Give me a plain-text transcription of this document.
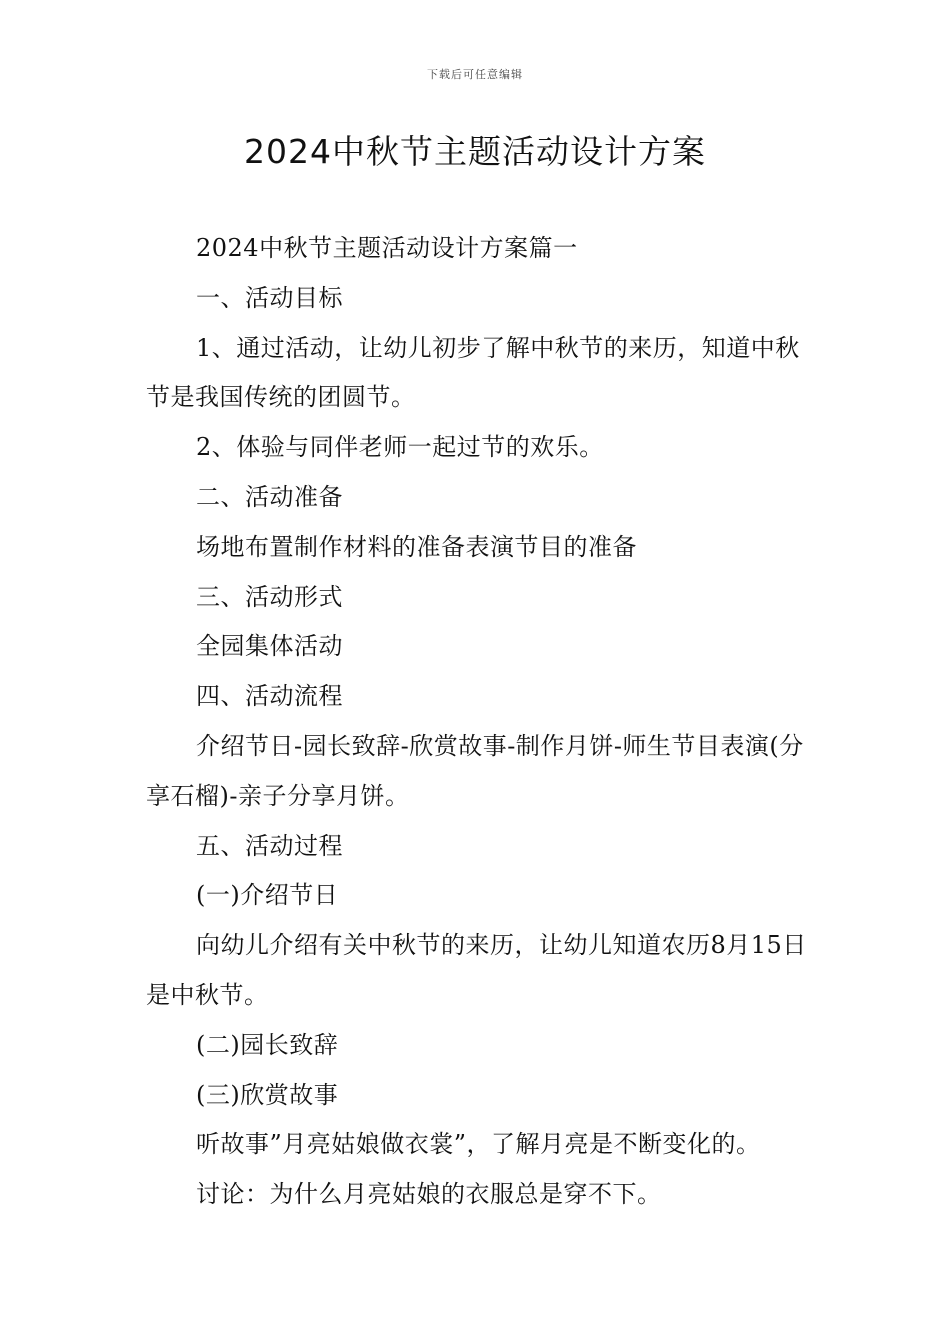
下载后可任意编辑
2024中秋节主题活动设计方案

2024中秋节主题活动设计方案篇一

一、活动目标

1、通过活动，让幼儿初步了解中秋节的来历，知道中秋节是我国传统的团圆节。

2、体验与同伴老师一起过节的欢乐。

二、活动准备

场地布置制作材料的准备表演节目的准备

三、活动形式

全园集体活动

四、活动流程

介绍节日-园长致辞-欣赏故事-制作月饼-师生节目表演(分享石榴)-亲子分享月饼。

五、活动过程

(一)介绍节日

向幼儿介绍有关中秋节的来历，让幼儿知道农历8月15日是中秋节。

(二)园长致辞

(三)欣赏故事

听故事”月亮姑娘做衣裳”，了解月亮是不断变化的。

讨论：为什么月亮姑娘的衣服总是穿不下。
